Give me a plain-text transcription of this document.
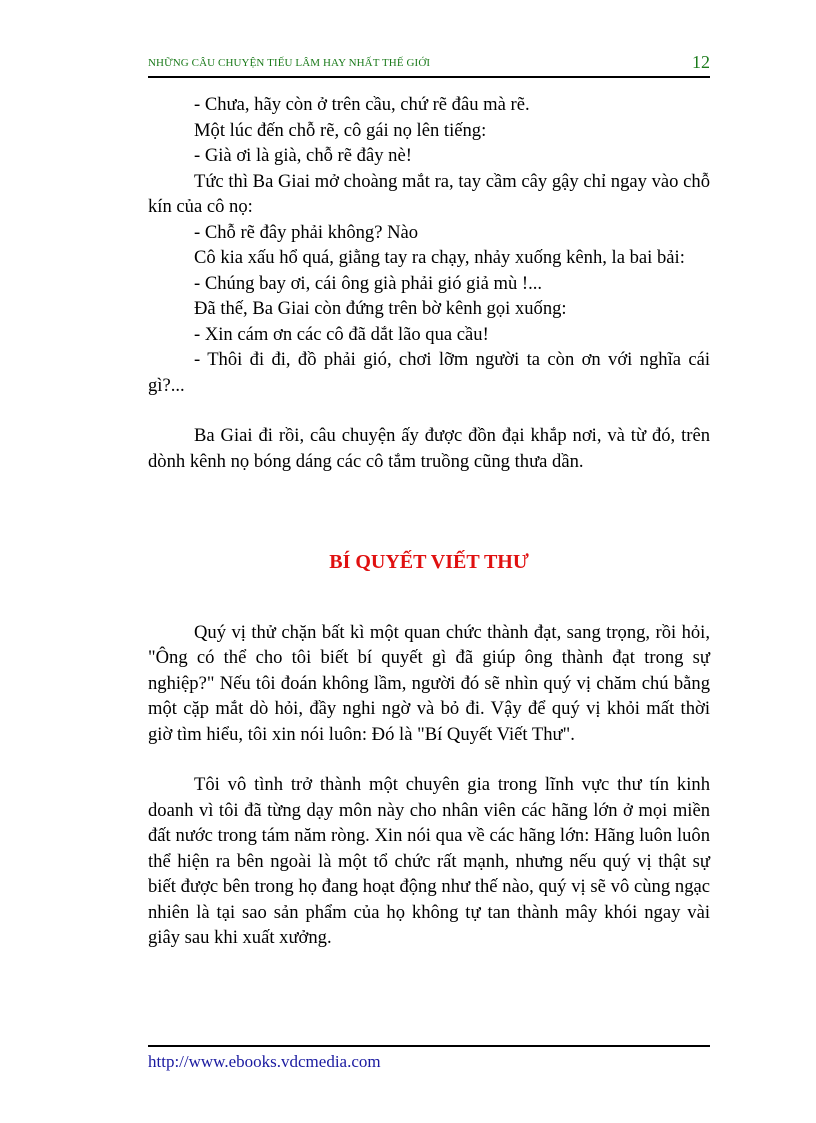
NHỮNG CÂU CHUYỆN TIẾU LÂM HAY NHẤT THẾ GIỚI	12

- Chưa, hãy còn ở trên cầu, chứ rẽ đâu mà rẽ.

Một lúc đến chỗ rẽ, cô gái nọ lên tiếng:

- Già ơi là già, chỗ rẽ đây nè!

Tức thì Ba Giai mở choàng mắt ra, tay cầm cây gậy chỉ ngay vào chỗ kín của cô nọ:

- Chỗ rẽ đây phải không? Nào

Cô kia xấu hổ quá, giằng tay ra chạy, nhảy xuống kênh, la bai bải:

- Chúng bay ơi, cái ông già phải gió giả mù !...

Đã thế, Ba Giai còn đứng trên bờ kênh gọi xuống:

- Xin cám ơn các cô đã dắt lão qua cầu!

- Thôi đi đi, đồ phải gió, chơi lỡm người ta còn ơn với nghĩa cái gì?...

Ba Giai đi rồi, câu chuyện ấy được đồn đại khắp nơi, và từ đó, trên dònh kênh nọ bóng dáng các cô tắm truồng cũng thưa dần.

BÍ QUYẾT VIẾT THƯ

Quý vị thử chặn bất kì một quan chức thành đạt, sang trọng, rồi hỏi, "Ông có thể cho tôi biết bí quyết gì đã giúp ông thành đạt trong sự nghiệp?" Nếu tôi đoán không lầm, người đó sẽ nhìn quý vị chăm chú bằng một cặp mắt dò hỏi, đầy nghi ngờ và bỏ đi. Vậy để quý vị khỏi mất thời giờ tìm hiểu, tôi xin nói luôn: Đó là "Bí Quyết Viết Thư".

Tôi vô tình trở thành một chuyên gia trong lĩnh vực thư tín kinh doanh vì tôi đã từng dạy môn này cho nhân viên các hãng lớn ở mọi miền đất nước trong tám năm ròng. Xin nói qua về các hãng lớn: Hãng luôn luôn thể hiện ra bên ngoài là một tổ chức rất mạnh, nhưng nếu quý vị thật sự biết được bên trong họ đang hoạt động như thế nào, quý vị sẽ vô cùng ngạc nhiên là tại sao sản phẩm của họ không tự tan thành mây khói ngay vài giây sau khi xuất xưởng.

http://www.ebooks.vdcmedia.com
